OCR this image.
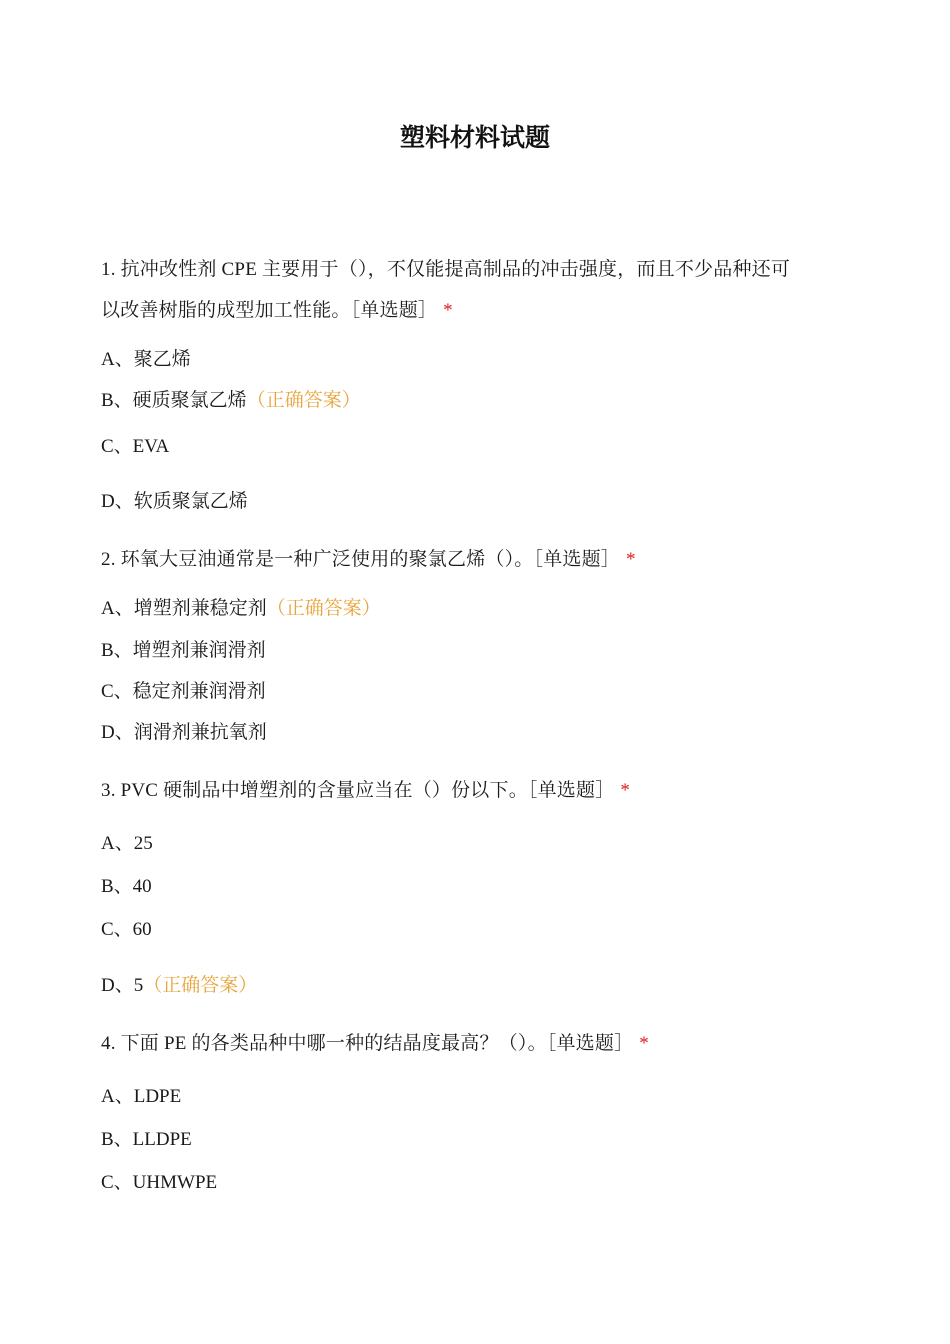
塑料材料试题
1. 抗冲改性剂 CPE 主要用于（），不仅能提高制品的冲击强度，而且不少品种还可
以改善树脂的成型加工性能。［单选题］ *
A、聚乙烯
B、硬质聚氯乙烯（正确答案）
C、EVA
D、软质聚氯乙烯
2. 环氧大豆油通常是一种广泛使用的聚氯乙烯（）。［单选题］ *
A、增塑剂兼稳定剂（正确答案）
B、增塑剂兼润滑剂
C、稳定剂兼润滑剂
D、润滑剂兼抗氧剂
3. PVC 硬制品中增塑剂的含量应当在（）份以下。［单选题］ *
A、25
B、40
C、60
D、5（正确答案）
4. 下面 PE 的各类品种中哪一种的结晶度最高？（）。［单选题］ *
A、LDPE
B、LLDPE
C、UHMWPE
